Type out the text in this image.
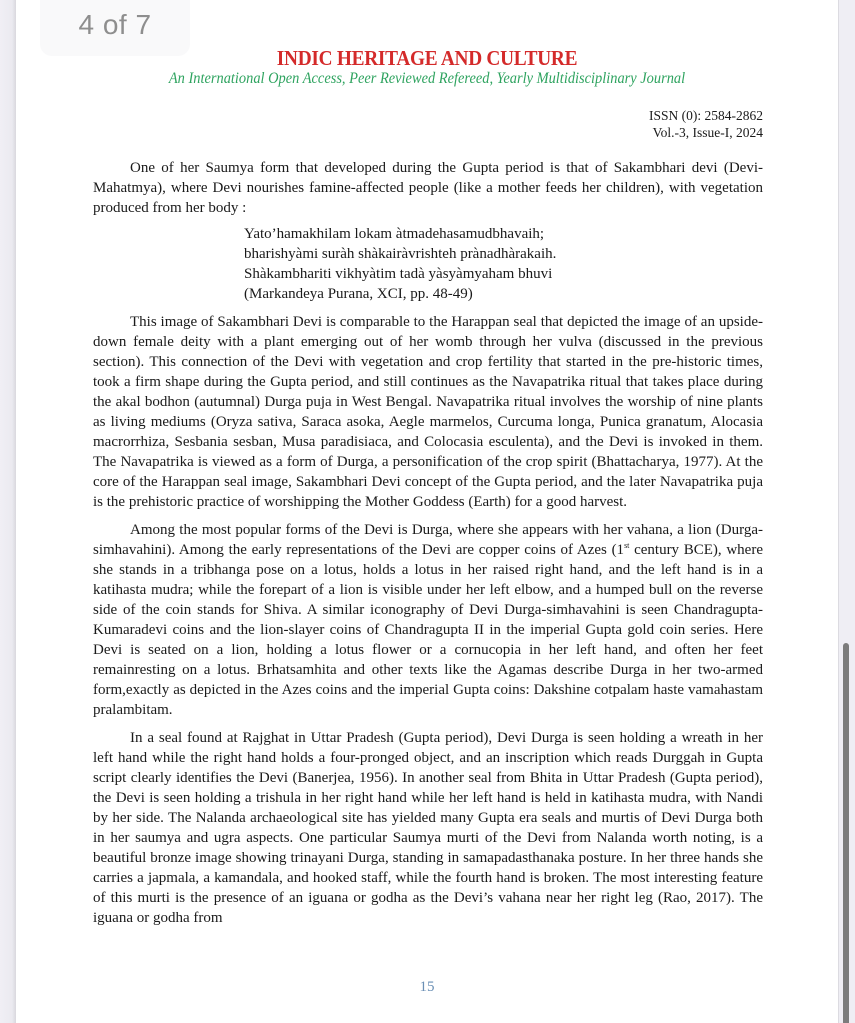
4 of 7
INDIC HERITAGE AND CULTURE
An International Open Access, Peer Reviewed Refereed, Yearly Multidisciplinary Journal
ISSN (0): 2584-2862
Vol.-3, Issue-I, 2024

One of her Saumya form that developed during the Gupta period is that of Sakambhari devi (Devi-Mahatmya), where Devi nourishes famine-affected people (like a mother feeds her children), with vegetation produced from her body :

Yato’hamakhilam lokam àtmadehasamudbhavaih;
bharishyàmi suràh shàkairàvrishteh prànadhàrakaih.
Shàkambhariti vikhyàtim tadà yàsyàmyaham bhuvi
(Markandeya Purana, XCI, pp. 48-49)

This image of Sakambhari Devi is comparable to the Harappan seal that depicted the image of an upside-down female deity with a plant emerging out of her womb through her vulva (discussed in the previous section). This connection of the Devi with vegetation and crop fertility that started in the pre-historic times, took a firm shape during the Gupta period, and still continues as the Navapatrika ritual that takes place during the akal bodhon (autumnal) Durga puja in West Bengal. Navapatrika ritual involves the worship of nine plants as living mediums (Oryza sativa, Saraca asoka, Aegle marmelos, Curcuma longa, Punica granatum, Alocasia macrorrhiza, Sesbania sesban, Musa paradisiaca, and Colocasia esculenta), and the Devi is invoked in them. The Navapatrika is viewed as a form of Durga, a personification of the crop spirit (Bhattacharya, 1977). At the core of the Harappan seal image, Sakambhari Devi concept of the Gupta period, and the later Navapatrika puja is the prehistoric practice of worshipping the Mother Goddess (Earth) for a good harvest.

Among the most popular forms of the Devi is Durga, where she appears with her vahana, a lion (Durga-simhavahini). Among the early representations of the Devi are copper coins of Azes (1st century BCE), where she stands in a tribhanga pose on a lotus, holds a lotus in her raised right hand, and the left hand is in a katihasta mudra; while the forepart of a lion is visible under her left elbow, and a humped bull on the reverse side of the coin stands for Shiva. A similar iconography of Devi Durga-simhavahini is seen Chandragupta-Kumaradevi coins and the lion-slayer coins of Chandragupta II in the imperial Gupta gold coin series. Here Devi is seated on a lion, holding a lotus flower or a cornucopia in her left hand, and often her feet remainresting on a lotus. Brhatsamhita and other texts like the Agamas describe Durga in her two-armed form,exactly as depicted in the Azes coins and the imperial Gupta coins: Dakshine cotpalam haste vamahastam pralambitam.

In a seal found at Rajghat in Uttar Pradesh (Gupta period), Devi Durga is seen holding a wreath in her left hand while the right hand holds a four-pronged object, and an inscription which reads Durggah in Gupta script clearly identifies the Devi (Banerjea, 1956). In another seal from Bhita in Uttar Pradesh (Gupta period), the Devi is seen holding a trishula in her right hand while her left hand is held in katihasta mudra, with Nandi by her side. The Nalanda archaeological site has yielded many Gupta era seals and murtis of Devi Durga both in her saumya and ugra aspects. One particular Saumya murti of the Devi from Nalanda worth noting, is a beautiful bronze image showing trinayani Durga, standing in samapadasthanaka posture. In her three hands she carries a japmala, a kamandala, and hooked staff, while the fourth hand is broken. The most interesting feature of this murti is the presence of an iguana or godha as the Devi’s vahana near her right leg (Rao, 2017). The iguana or godha from

15
